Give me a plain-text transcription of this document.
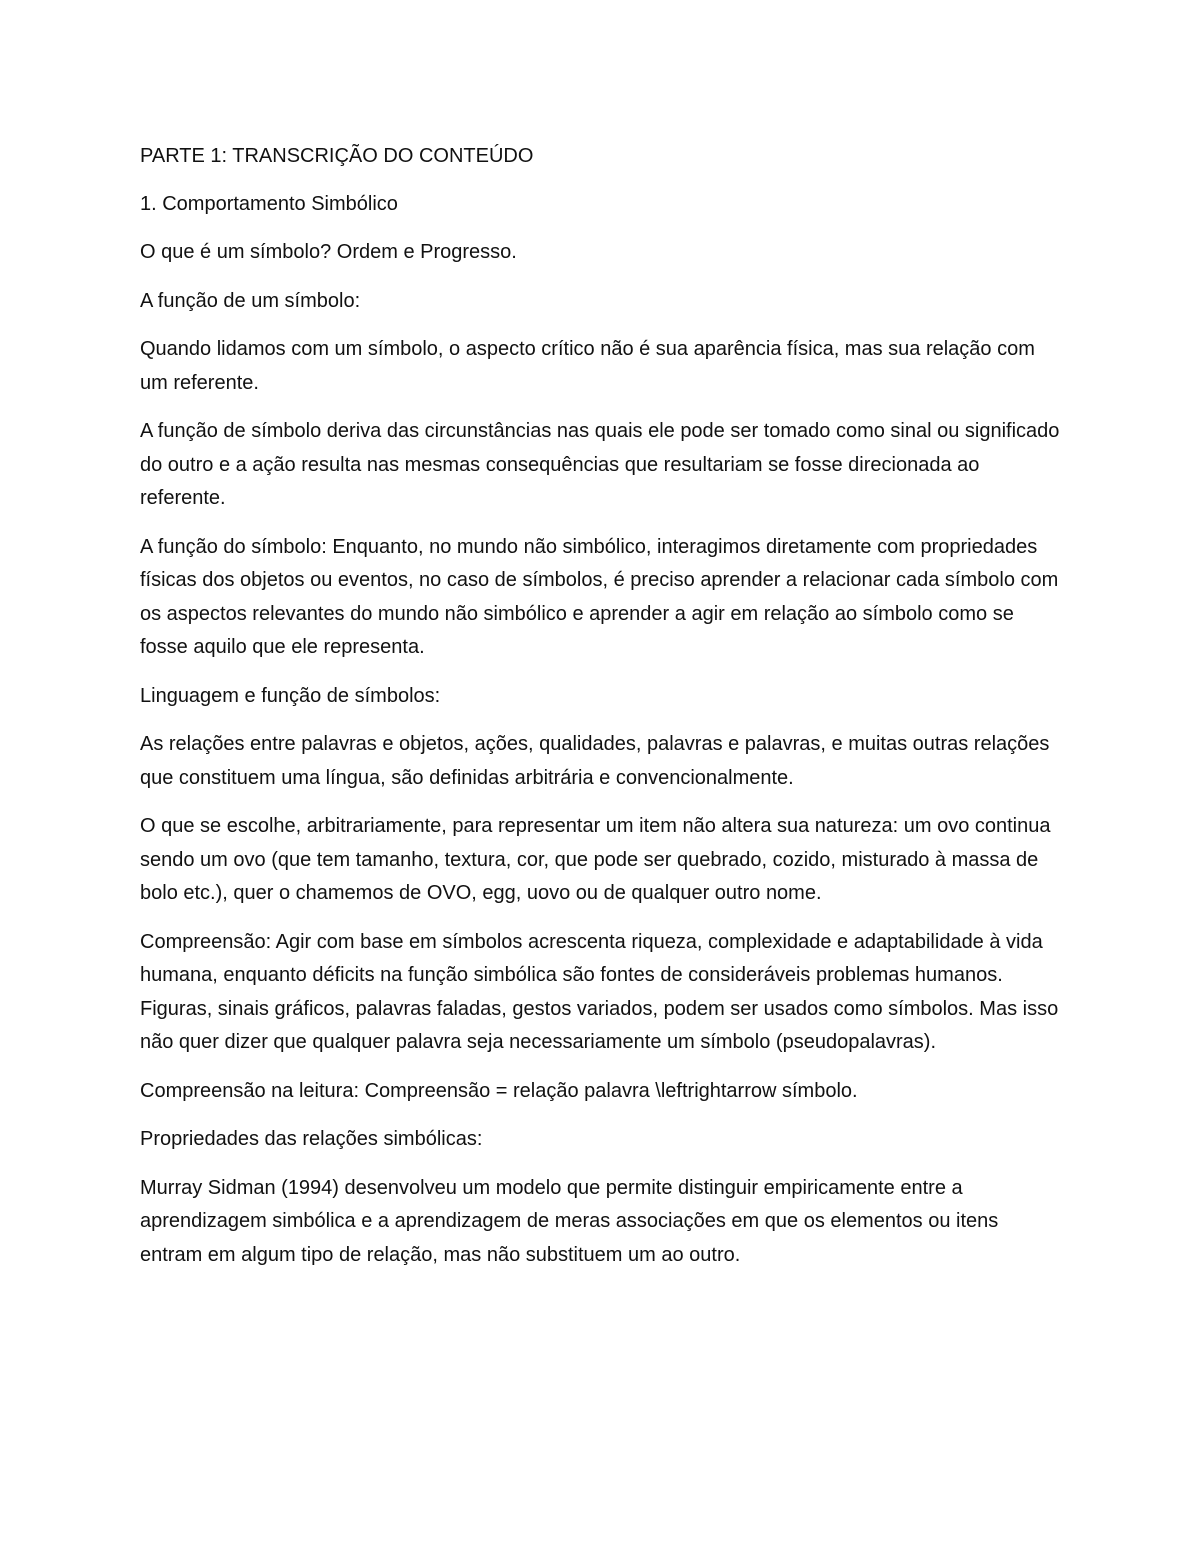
PARTE 1: TRANSCRIÇÃO DO CONTEÚDO

1. Comportamento Simbólico

O que é um símbolo? Ordem e Progresso.

A função de um símbolo:

Quando lidamos com um símbolo, o aspecto crítico não é sua aparência física, mas sua relação com um referente.

A função de símbolo deriva das circunstâncias nas quais ele pode ser tomado como sinal ou significado do outro e a ação resulta nas mesmas consequências que resultariam se fosse direcionada ao referente.

A função do símbolo: Enquanto, no mundo não simbólico, interagimos diretamente com propriedades físicas dos objetos ou eventos, no caso de símbolos, é preciso aprender a relacionar cada símbolo com os aspectos relevantes do mundo não simbólico e aprender a agir em relação ao símbolo como se fosse aquilo que ele representa.

Linguagem e função de símbolos:

As relações entre palavras e objetos, ações, qualidades, palavras e palavras, e muitas outras relações que constituem uma língua, são definidas arbitrária e convencionalmente.

O que se escolhe, arbitrariamente, para representar um item não altera sua natureza: um ovo continua sendo um ovo (que tem tamanho, textura, cor, que pode ser quebrado, cozido, misturado à massa de bolo etc.), quer o chamemos de OVO, egg, uovo ou de qualquer outro nome.

Compreensão: Agir com base em símbolos acrescenta riqueza, complexidade e adaptabilidade à vida humana, enquanto déficits na função simbólica são fontes de consideráveis problemas humanos. Figuras, sinais gráficos, palavras faladas, gestos variados, podem ser usados como símbolos. Mas isso não quer dizer que qualquer palavra seja necessariamente um símbolo (pseudopalavras).

Compreensão na leitura: Compreensão = relação palavra \leftrightarrow símbolo.

Propriedades das relações simbólicas:

Murray Sidman (1994) desenvolveu um modelo que permite distinguir empiricamente entre a aprendizagem simbólica e a aprendizagem de meras associações em que os elementos ou itens entram em algum tipo de relação, mas não substituem um ao outro.
